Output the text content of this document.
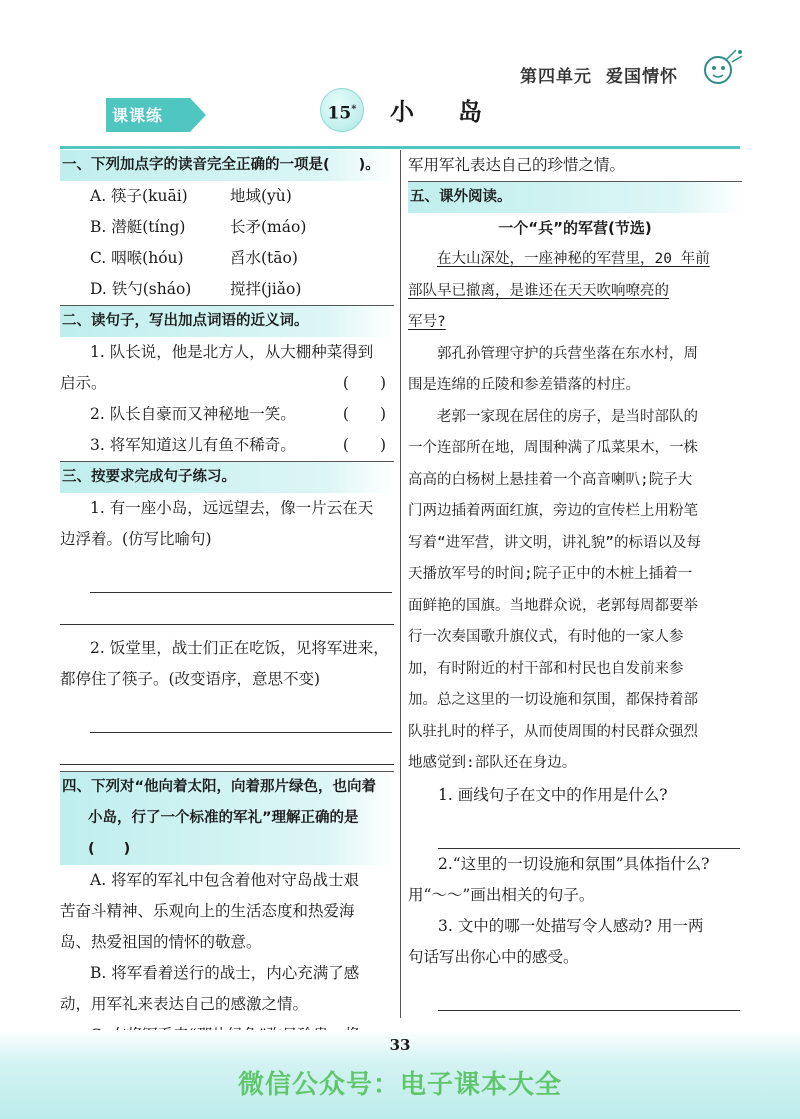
第四单元 爱国情怀
课课练	15*	小岛
一、下列加点字的读音完全正确的一项是(　　)。
A. 筷子(kuāi)	地域(yù)
B. 潜艇(tíng)	长矛(máo)
C. 咽喉(hóu)	舀水(tāo)
D. 铁勺(sháo)	搅拌(jiǎo)
二、读句子，写出加点词语的近义词。
1. 队长说，他是北方人，从大棚种菜得到
启示。	(　　)
2. 队长自豪而又神秘地一笑。	(　　)
3. 将军知道这儿有鱼不稀奇。	(　　)
三、按要求完成句子练习。
1. 有一座小岛，远远望去，像一片云在天
边浮着。(仿写比喻句)
2. 饭堂里，战士们正在吃饭，见将军进来，
都停住了筷子。(改变语序，意思不变)
四、下列对“他向着太阳，向着那片绿色，也向着
小岛，行了一个标准的军礼”理解正确的是
(　　)
A. 将军的军礼中包含着他对守岛战士艰
苦奋斗精神、乐观向上的生活态度和热爱海
岛、热爱祖国的情怀的敬意。
B. 将军看着送行的战士，内心充满了感
动，用军礼来表达自己的感激之情。
军用军礼表达自己的珍惜之情。
五、课外阅读。
一个“兵”的军营(节选)
在大山深处，一座神秘的军营里，20 年前
部队早已撤离，是谁还在天天吹响嘹亮的
军号?
郭孔孙管理守护的兵营坐落在东水村，周
围是连绵的丘陵和参差错落的村庄。
老郭一家现在居住的房子，是当时部队的
一个连部所在地，周围种满了瓜菜果木，一株
高高的白杨树上悬挂着一个高音喇叭;院子大
门两边插着两面红旗，旁边的宣传栏上用粉笔
写着“进军营，讲文明，讲礼貌”的标语以及每
天播放军号的时间;院子正中的木桩上插着一
面鲜艳的国旗。当地群众说，老郭每周都要举
行一次奏国歌升旗仪式，有时他的一家人参
加，有时附近的村干部和村民也自发前来参
加。总之这里的一切设施和氛围，都保持着部
队驻扎时的样子，从而使周围的村民群众强烈
地感觉到:部队还在身边。
1. 画线句子在文中的作用是什么?
2.“这里的一切设施和氛围”具体指什么?
用“～～”画出相关的句子。
3. 文中的哪一处描写令人感动? 用一两
句话写出你心中的感受。
33
微信公众号：电子课本大全
